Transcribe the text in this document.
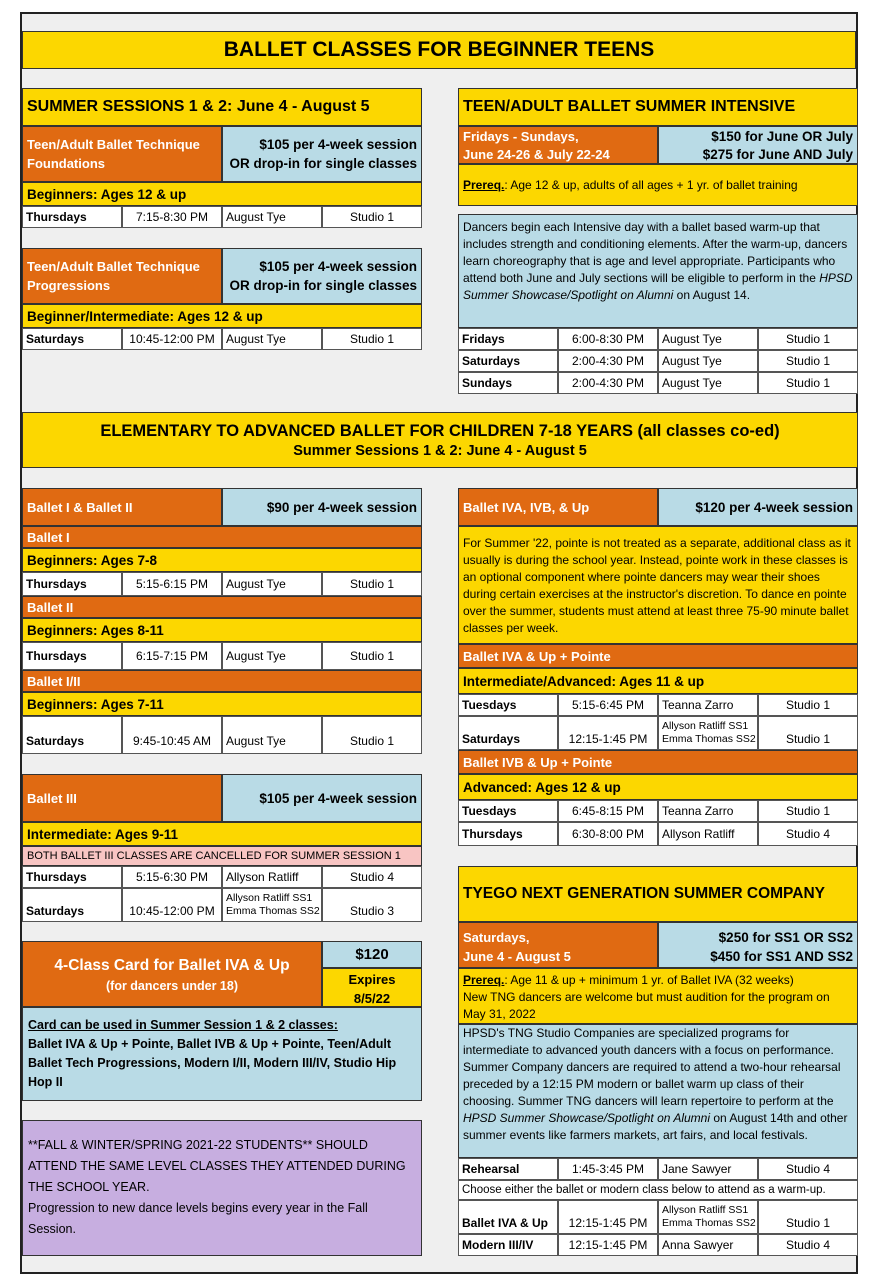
BALLET CLASSES FOR BEGINNER TEENS
SUMMER SESSIONS 1 & 2: June 4 - August 5
Teen/Adult Ballet Technique
Foundations
$105 per 4-week session
OR drop-in for single classes
Beginners: Ages 12 & up
Thursdays	7:15-8:30 PM	August Tye	Studio 1
Teen/Adult Ballet Technique
Progressions
$105 per 4-week session
OR drop-in for single classes
Beginner/Intermediate: Ages 12 & up
Saturdays	10:45-12:00 PM August Tye	Studio 1
TEEN/ADULT BALLET SUMMER INTENSIVE
Fridays - Sundays,
June 24-26 & July 22-24
$150 for June OR July
$275 for June AND July
Prereq.: Age 12 & up, adults of all ages + 1 yr. of ballet training
Dancers begin each Intensive day with a ballet based warm-up that includes strength and conditioning elements. After the warm-up, dancers learn choreography that is age and level appropriate. Participants who attend both June and July sections will be eligible to perform in the HPSD Summer Showcase/Spotlight on Alumni on August 14.
Fridays	6:00-8:30 PM	August Tye	Studio 1
Saturdays	2:00-4:30 PM	August Tye	Studio 1
Sundays	2:00-4:30 PM	August Tye	Studio 1
ELEMENTARY TO ADVANCED BALLET FOR CHILDREN 7-18 YEARS (all classes co-ed)
Summer Sessions 1 & 2: June 4 - August 5
Ballet I & Ballet II	$90 per 4-week session
Ballet I
Beginners: Ages 7-8
Thursdays	5:15-6:15 PM	August Tye	Studio 1
Ballet II
Beginners: Ages 8-11
Thursdays	6:15-7:15 PM	August Tye	Studio 1
Ballet I/II
Beginners: Ages 7-11
Saturdays	9:45-10:45 AM	August Tye	Studio 1
Ballet III	$105 per 4-week session
Intermediate: Ages 9-11
BOTH BALLET III CLASSES ARE CANCELLED FOR SUMMER SESSION 1
Thursdays	5:15-6:30 PM	Allyson Ratliff	Studio 4
Saturdays	10:45-12:00 PM
Allyson Ratliff SS1
Emma Thomas SS2	Studio 3
4-Class Card for Ballet IVA & Up
(for dancers under 18)
$120
Expires
8/5/22
Card can be used in Summer Session 1 & 2 classes:
Ballet IVA & Up + Pointe, Ballet IVB & Up + Pointe, Teen/Adult Ballet Tech Progressions, Modern I/II, Modern III/IV, Studio Hip Hop II
**FALL & WINTER/SPRING 2021-22 STUDENTS** SHOULD ATTEND THE SAME LEVEL CLASSES THEY ATTENDED DURING THE SCHOOL YEAR.
Progression to new dance levels begins every year in the Fall Session.
Ballet IVA, IVB, & Up	$120 per 4-week session
For Summer '22, pointe is not treated as a separate, additional class as it usually is during the school year. Instead, pointe work in these classes is an optional component where pointe dancers may wear their shoes during certain exercises at the instructor's discretion. To dance en pointe over the summer, students must attend at least three 75-90 minute ballet classes per week.
Ballet IVA & Up + Pointe
Intermediate/Advanced: Ages 11 & up
Tuesdays	5:15-6:45 PM	Teanna Zarro	Studio 1
Saturdays	12:15-1:45 PM
Allyson Ratliff SS1
Emma Thomas SS2	Studio 1
Ballet IVB & Up + Pointe
Advanced: Ages 12 & up
Tuesdays	6:45-8:15 PM	Teanna Zarro	Studio 1
Thursdays	6:30-8:00 PM	Allyson Ratliff	Studio 4
TYEGO NEXT GENERATION SUMMER COMPANY
Saturdays,
June 4 - August 5
$250 for SS1 OR SS2
$450 for SS1 AND SS2
Prereq.: Age 11 & up + minimum 1 yr. of Ballet IVA (32 weeks)
New TNG dancers are welcome but must audition for the program on May 31, 2022
HPSD's TNG Studio Companies are specialized programs for intermediate to advanced youth dancers with a focus on performance. Summer Company dancers are required to attend a two-hour rehearsal preceded by a 12:15 PM modern or ballet warm up class of their choosing. Summer TNG dancers will learn repertoire to perform at the HPSD Summer Showcase/Spotlight on Alumni on August 14th and other summer events like farmers markets, art fairs, and local festivals.
Rehearsal	1:45-3:45 PM	Jane Sawyer	Studio 4
Choose either the ballet or modern class below to attend as a warm-up.
Ballet IVA & Up	12:15-1:45 PM
Allyson Ratliff SS1
Emma Thomas SS2	Studio 1
Modern III/IV	12:15-1:45 PM	Anna Sawyer	Studio 4
